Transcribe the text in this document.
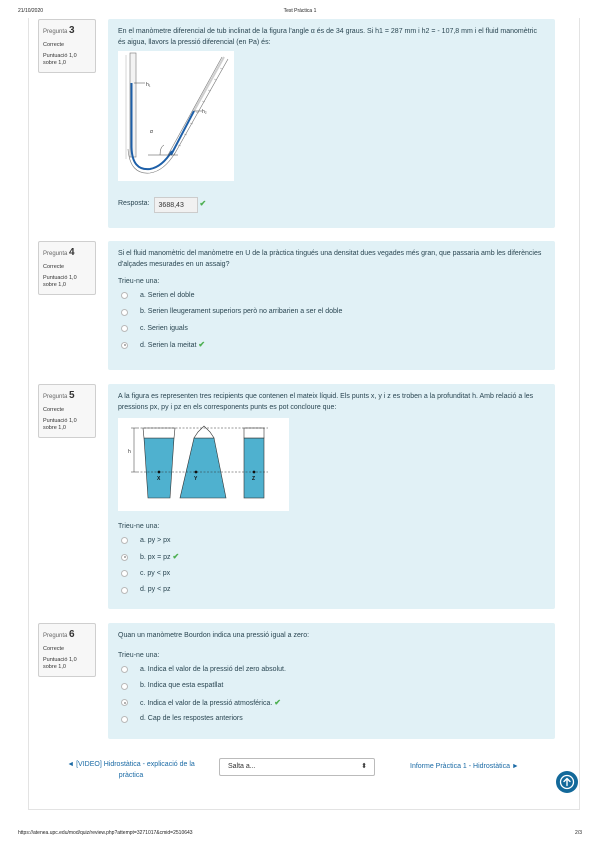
21/10/2020	Test Pràctica 1
Pregunta 3
Correcte
Puntuació 1,0 sobre 1,0
En el manòmetre diferencial de tub inclinat de la figura l'angle α és de 34 graus. Si h1 = 287 mm i h2 = - 107,8 mm i el fluid manomètric és aigua, llavors la pressió diferencial (en Pa) és:
h₁
h₂
α
Resposta:	3688,43	✔
Pregunta 4
Correcte
Puntuació 1,0 sobre 1,0
Si el fluid manomètric del manòmetre en U de la pràctica tingués una densitat dues vegades més gran, que passaria amb les diferències d'alçades mesurades en un assaig?
Trieu-ne una:
a. Serien el doble
b. Serien lleugerament superiors però no arribarien a ser el doble
c. Serien iguals
d. Serien la meitat ✔
Pregunta 5
Correcte
Puntuació 1,0 sobre 1,0
A la figura es representen tres recipients que contenen el mateix líquid. Els punts x, y i z es troben a la profunditat h. Amb relació a les pressions px, py i pz en els corresponents punts es pot concloure que:
h
X	Y	Z
Trieu-ne una:
a. py > px
b. px = pz ✔
c. py < px
d. py < pz
Pregunta 6
Correcte
Puntuació 1,0 sobre 1,0
Quan un manòmetre Bourdon indica una pressió igual a zero:
Trieu-ne una:
a. Indica el valor de la pressió del zero absolut.
b. Indica que esta espatllat
c. Indica el valor de la pressió atmosférica. ✔
d. Cap de les respostes anteriors
◄ [VIDEO] Hidrostàtica - explicació de la pràctica
Salta a...	⬍	Informe Pràctica 1 - Hidrostàtica ►
https://atenea.upc.edu/mod/quiz/review.php?attempt=3271017&cmid=2510643	2/3
